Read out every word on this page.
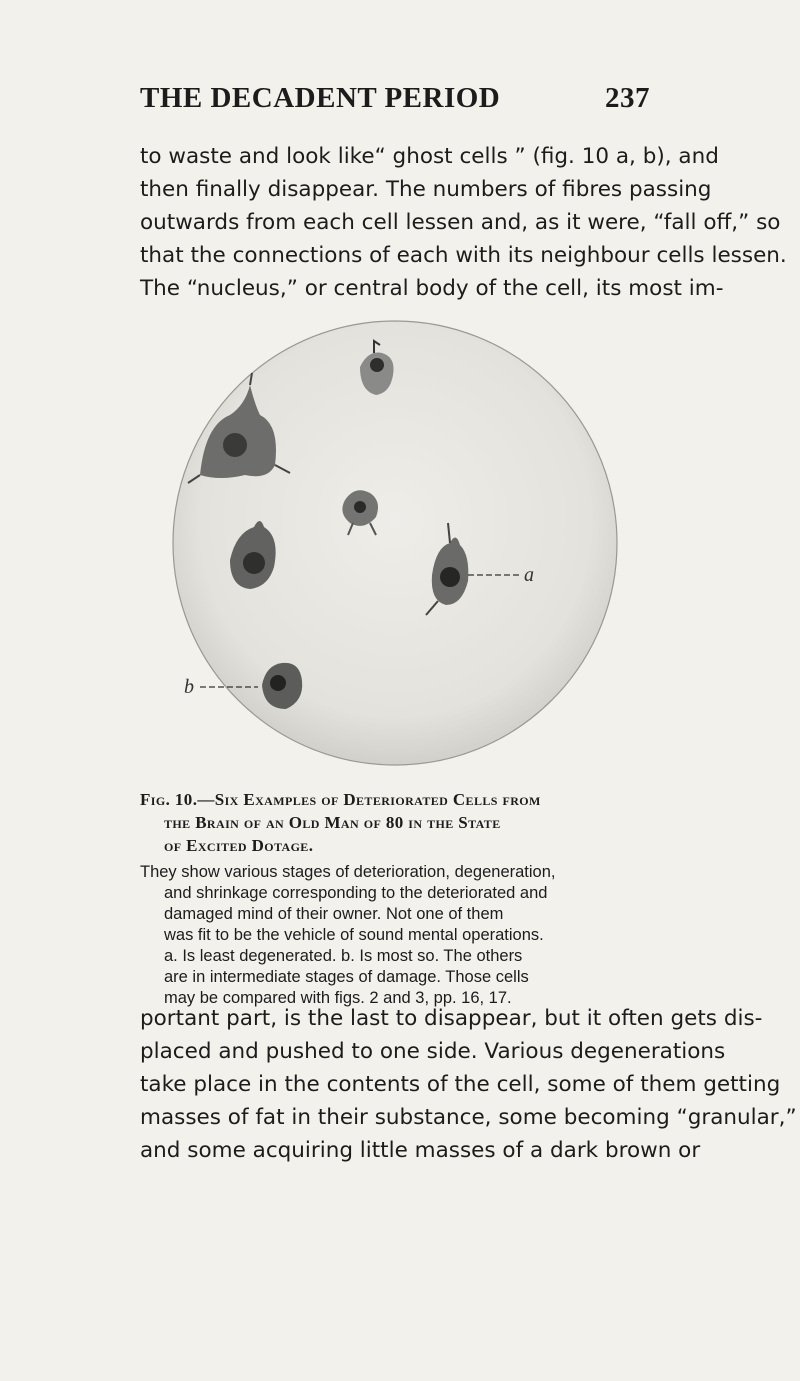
THE DECADENT PERIOD	237
to waste and look like“ ghost cells ” (fig. 10 a, b), and
then finally disappear. The numbers of fibres passing
outwards from each cell lessen and, as it were, “fall off,” so
that the connections of each with its neighbour cells lessen.
The “nucleus,” or central body of the cell, its most im-
a
b
Fig. 10.—Six Examples of Deteriorated Cells from
the Brain of an Old Man of 80 in the State
of Excited Dotage.
They show various stages of deterioration, degeneration,
and shrinkage corresponding to the deteriorated and
damaged mind of their owner. Not one of them
was fit to be the vehicle of sound mental operations.
a. Is least degenerated. b. Is most so. The others
are in intermediate stages of damage. Those cells
may be compared with figs. 2 and 3, pp. 16, 17.
portant part, is the last to disappear, but it often gets dis-
placed and pushed to one side. Various degenerations
take place in the contents of the cell, some of them getting
masses of fat in their substance, some becoming “granular,”
and some acquiring little masses of a dark brown or
